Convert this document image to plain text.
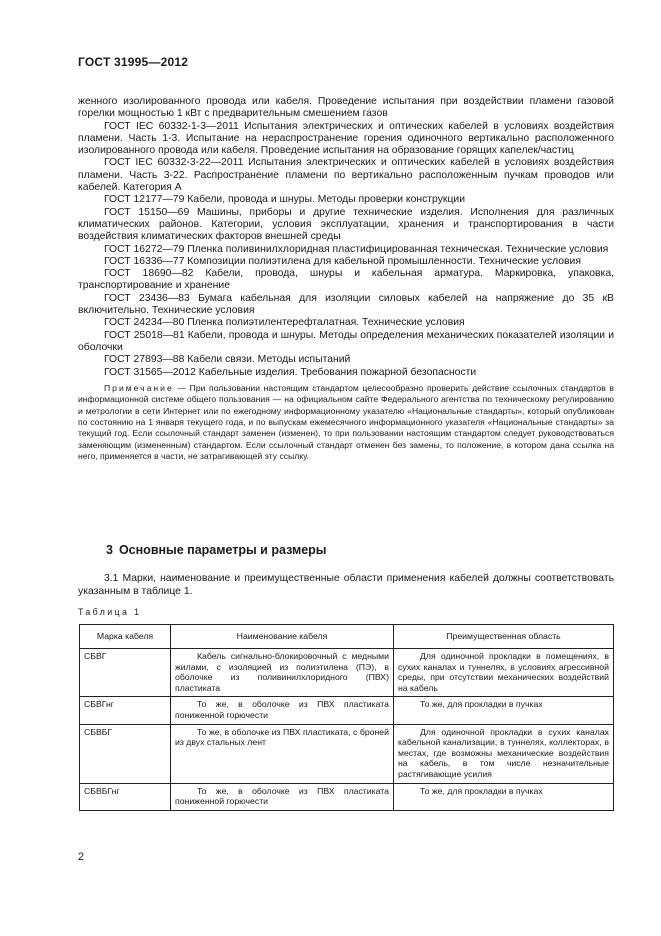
ГОСТ 31995—2012

женного изолированного провода или кабеля. Проведение испытания при воздействии пламени газовой горелки мощностью 1 кВт с предварительным смешением газов

ГОСТ IEC 60332-1-3—2011 Испытания электрических и оптических кабелей в условиях воздействия пламени. Часть 1-3. Испытание на нераспространение горения одиночного вертикально расположенного изолированного провода или кабеля. Проведение испытания на образование горящих капелек/частиц

ГОСТ IEC 60332-3-22—2011 Испытания электрических и оптических кабелей в условиях воздействия пламени. Часть 3-22. Распространение пламени по вертикально расположенным пучкам проводов или кабелей. Категория А

ГОСТ 12177—79 Кабели, провода и шнуры. Методы проверки конструкции

ГОСТ 15150—69 Машины, приборы и другие технические изделия. Исполнения для различных климатических районов. Категории, условия эксплуатации, хранения и транспортирования в части воздействия климатических факторов внешней среды

ГОСТ 16272—79 Пленка поливинилхлоридная пластифицированная техническая. Технические условия

ГОСТ 16336—77 Композиции полиэтилена для кабельной промышленности. Технические условия

ГОСТ 18690—82 Кабели, провода, шнуры и кабельная арматура. Маркировка, упаковка, транспортирование и хранение

ГОСТ 23436—83 Бумага кабельная для изоляции силовых кабелей на напряжение до 35 кВ включительно. Технические условия

ГОСТ 24234—80 Пленка полиэтилентерефталатная. Технические условия

ГОСТ 25018—81 Кабели, провода и шнуры. Методы определения механических показателей изоляции и оболочки

ГОСТ 27893—88 Кабели связи. Методы испытаний

ГОСТ 31565—2012 Кабельные изделия. Требования пожарной безопасности

Примечание — При пользовании настоящим стандартом целесообразно проверить действие ссылочных стандартов в информационной системе общего пользования — на официальном сайте Федерального агентства по техническому регулированию и метрологии в сети Интернет или по ежегодному информационному указателю «Национальные стандарты», который опубликован по состоянию на 1 января текущего года, и по выпускам ежемесячного информационного указателя «Национальные стандарты» за текущий год. Если ссылочный стандарт заменен (изменен), то при пользовании настоящим стандартом следует руководствоваться заменяющим (измененным) стандартом. Если ссылочный стандарт отменен без замены, то положение, в котором дана ссылка на него, применяется в части, не затрагивающей эту ссылку.

3 Основные параметры и размеры

3.1 Марки, наименование и преимущественные области применения кабелей должны соответствовать указанным в таблице 1.

Таблица 1
Марка кабеля	Наименование кабеля	Преимущественная область
СБВГ	Кабель сигнально-блокировочный с медными жилами, с изоляцией из полиэтилена (ПЭ), в оболочке из поливинилхлоридного (ПВХ) пластиката	Для одиночной прокладки в помещениях, в сухих каналах и туннелях, в условиях агрессивной среды, при отсутствии механических воздействий на кабель
СБВГнг	То же, в оболочке из ПВХ пластиката пониженной горючести	То же, для прокладки в пучках
СБВБГ	То же, в оболочке из ПВХ пластиката, с броней из двух стальных лент	Для одиночной прокладки в сухих каналах кабельной канализации, в туннелях, коллекторах, в местах, где возможны механические воздействия на кабель, в том числе незначительные растягивающие усилия
СБВБГнг	То же, в оболочке из ПВХ пластиката пониженной горючести	То же, для прокладки в пучках
2
